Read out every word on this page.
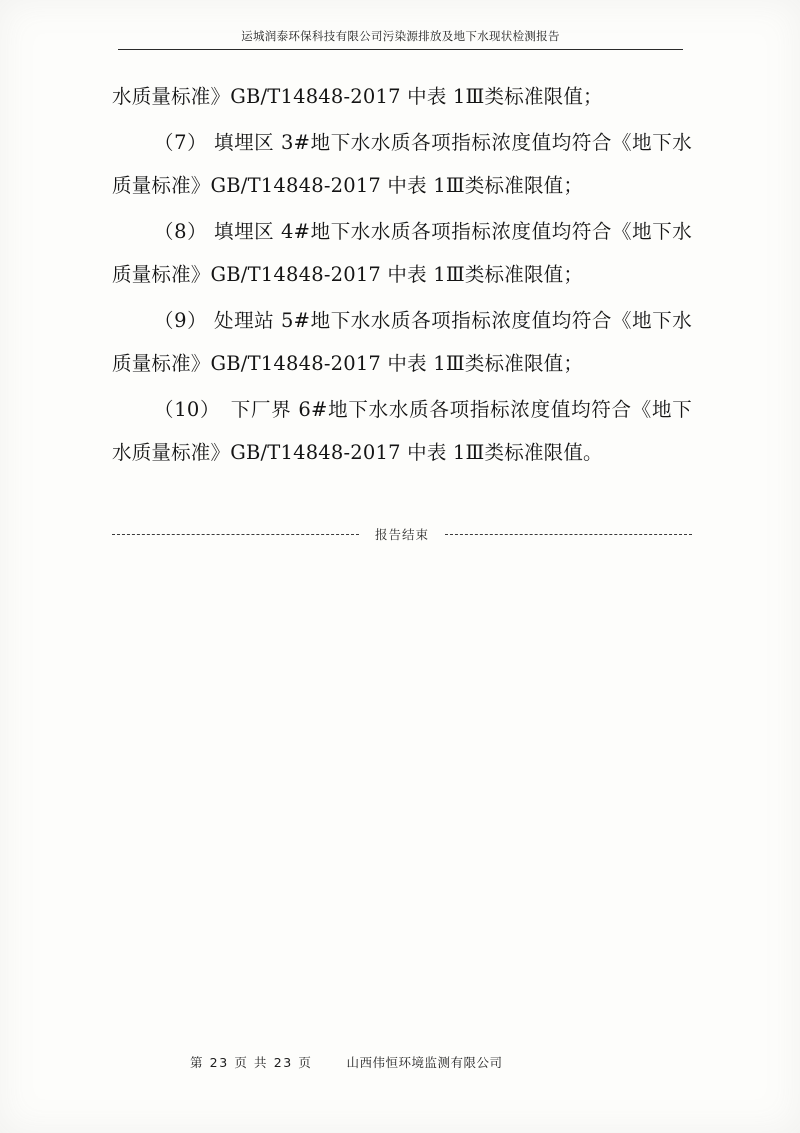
运城润泰环保科技有限公司污染源排放及地下水现状检测报告

水质量标准》GB/T14848-2017 中表 1Ⅲ类标准限值；

（7） 填埋区 3#地下水水质各项指标浓度值均符合《地下水质量标准》GB/T14848-2017 中表 1Ⅲ类标准限值；

（8） 填埋区 4#地下水水质各项指标浓度值均符合《地下水质量标准》GB/T14848-2017 中表 1Ⅲ类标准限值；

（9） 处理站 5#地下水水质各项指标浓度值均符合《地下水质量标准》GB/T14848-2017 中表 1Ⅲ类标准限值；

（10）　下厂界 6#地下水水质各项指标浓度值均符合《地下水质量标准》GB/T14848-2017 中表 1Ⅲ类标准限值。

报告结束
第 23 页 共 23 页	山西伟恒环境监测有限公司
